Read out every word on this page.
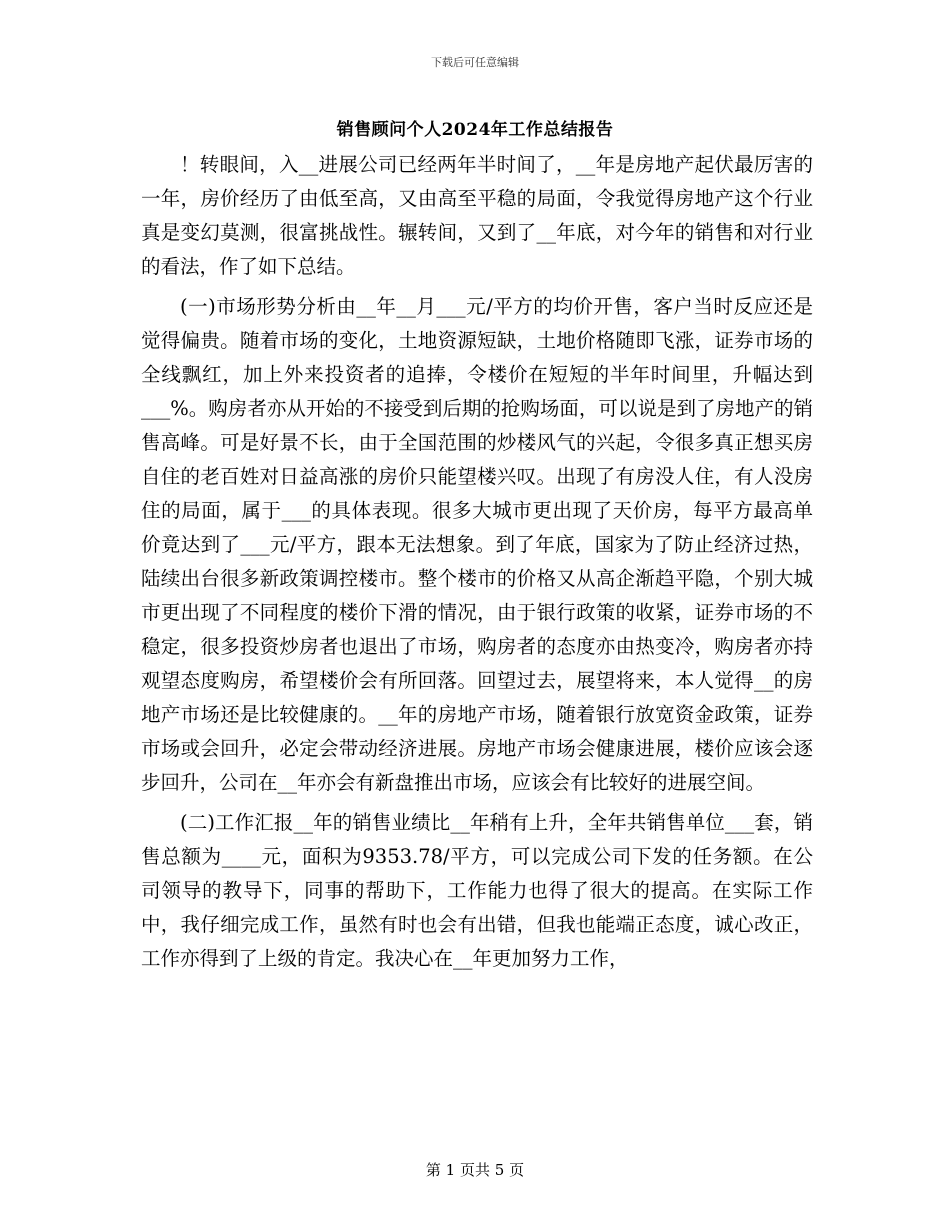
下载后可任意编辑
销售顾问个人2024年工作总结报告

！转眼间，入__进展公司已经两年半时间了，__年是房地产起伏最厉害的一年，房价经历了由低至高，又由高至平稳的局面，令我觉得房地产这个行业真是变幻莫测，很富挑战性。辗转间，又到了__年底，对今年的销售和对行业的看法，作了如下总结。

(一)市场形势分析由__年__月___元/平方的均价开售，客户当时反应还是觉得偏贵。随着市场的变化，土地资源短缺，土地价格随即飞涨，证券市场的全线飘红，加上外来投资者的追捧，令楼价在短短的半年时间里，升幅达到___%。购房者亦从开始的不接受到后期的抢购场面，可以说是到了房地产的销售高峰。可是好景不长，由于全国范围的炒楼风气的兴起，令很多真正想买房自住的老百姓对日益高涨的房价只能望楼兴叹。出现了有房没人住，有人没房住的局面，属于___的具体表现。很多大城市更出现了天价房，每平方最高单价竟达到了___元/平方，跟本无法想象。到了年底，国家为了防止经济过热，陆续出台很多新政策调控楼市。整个楼市的价格又从高企渐趋平隐，个别大城市更出现了不同程度的楼价下滑的情况，由于银行政策的收紧，证券市场的不稳定，很多投资炒房者也退出了市场，购房者的态度亦由热变冷，购房者亦持观望态度购房，希望楼价会有所回落。回望过去，展望将来，本人觉得__的房地产市场还是比较健康的。__年的房地产市场，随着银行放宽资金政策，证券市场或会回升，必定会带动经济进展。房地产市场会健康进展，楼价应该会逐步回升，公司在__年亦会有新盘推出市场，应该会有比较好的进展空间。

(二)工作汇报__年的销售业绩比__年稍有上升，全年共销售单位___套，销售总额为____元，面积为9353.78/平方，可以完成公司下发的任务额。在公司领导的教导下，同事的帮助下，工作能力也得了很大的提高。在实际工作中，我仔细完成工作，虽然有时也会有出错，但我也能端正态度，诚心改正，工作亦得到了上级的肯定。我决心在__年更加努力工作，

第 1 页共 5 页
